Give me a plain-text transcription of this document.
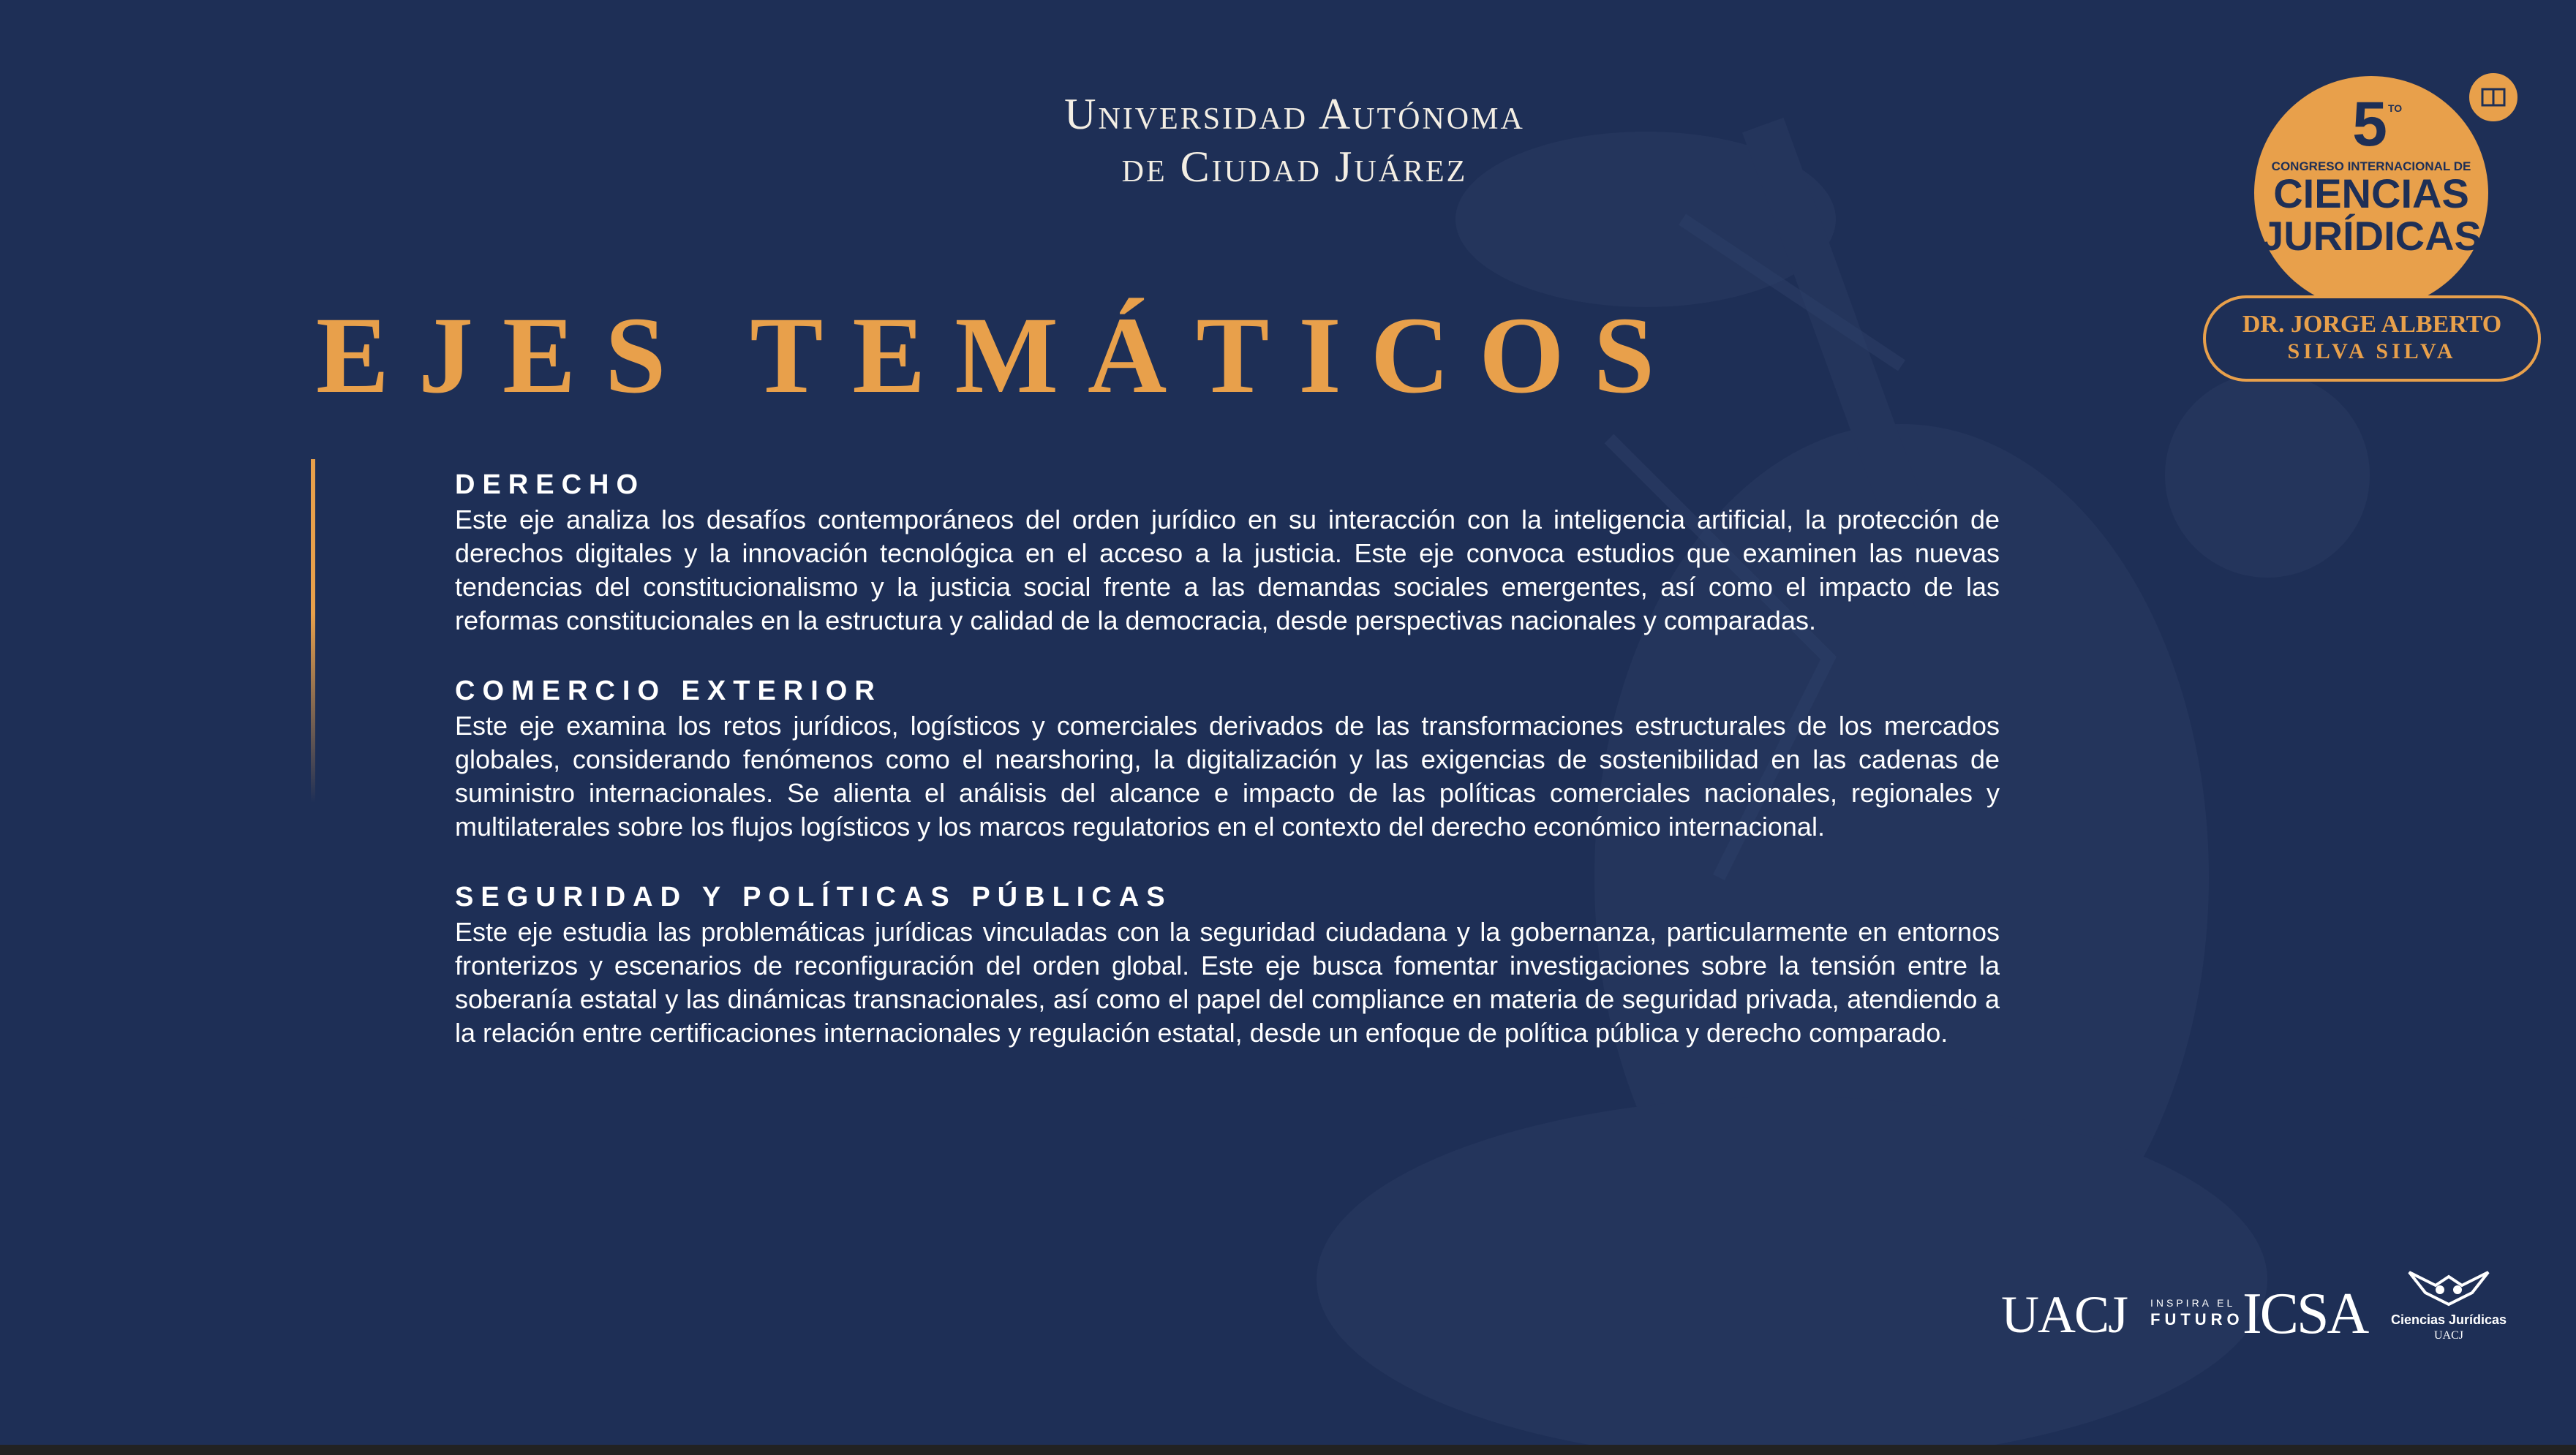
Universidad Autónoma
de Ciudad Juárez
EJES TEMÁTICOS
DERECHO

Este eje analiza los desafíos contemporáneos del orden jurídico en su interacción con la inteligencia artificial, la protección de derechos digitales y la innovación tecnológica en el acceso a la justicia. Este eje convoca estudios que examinen las nuevas tendencias del constitucionalismo y la justicia social frente a las demandas sociales emergentes, así como el impacto de las reformas constitucionales en la estructura y calidad de la democracia, desde perspectivas nacionales y comparadas.

COMERCIO EXTERIOR

Este eje examina los retos jurídicos, logísticos y comerciales derivados de las transformaciones estructurales de los mercados globales, considerando fenómenos como el nearshoring, la digitalización y las exigencias de sostenibilidad en las cadenas de suministro internacionales. Se alienta el análisis del alcance e impacto de las políticas comerciales nacionales, regionales y multilaterales sobre los flujos logísticos y los marcos regulatorios en el contexto del derecho económico internacional.

SEGURIDAD Y POLÍTICAS PÚBLICAS

Este eje estudia las problemáticas jurídicas vinculadas con la seguridad ciudadana y la gobernanza, particularmente en entornos fronterizos y escenarios de reconfiguración del orden global. Este eje busca fomentar investigaciones sobre la tensión entre la soberanía estatal y las dinámicas transnacionales, así como el papel del compliance en materia de seguridad privada, atendiendo a la relación entre certificaciones internacionales y regulación estatal, desde un enfoque de política pública y derecho comparado.

5 TO
CONGRESO INTERNACIONAL DE
CIENCIAS
JURÍDICAS
DR. JORGE ALBERTO
SILVA SILVA
UACJ INSPIRA EL
FUTURO
ICSA Ciencias Jurídicas
UACJ
